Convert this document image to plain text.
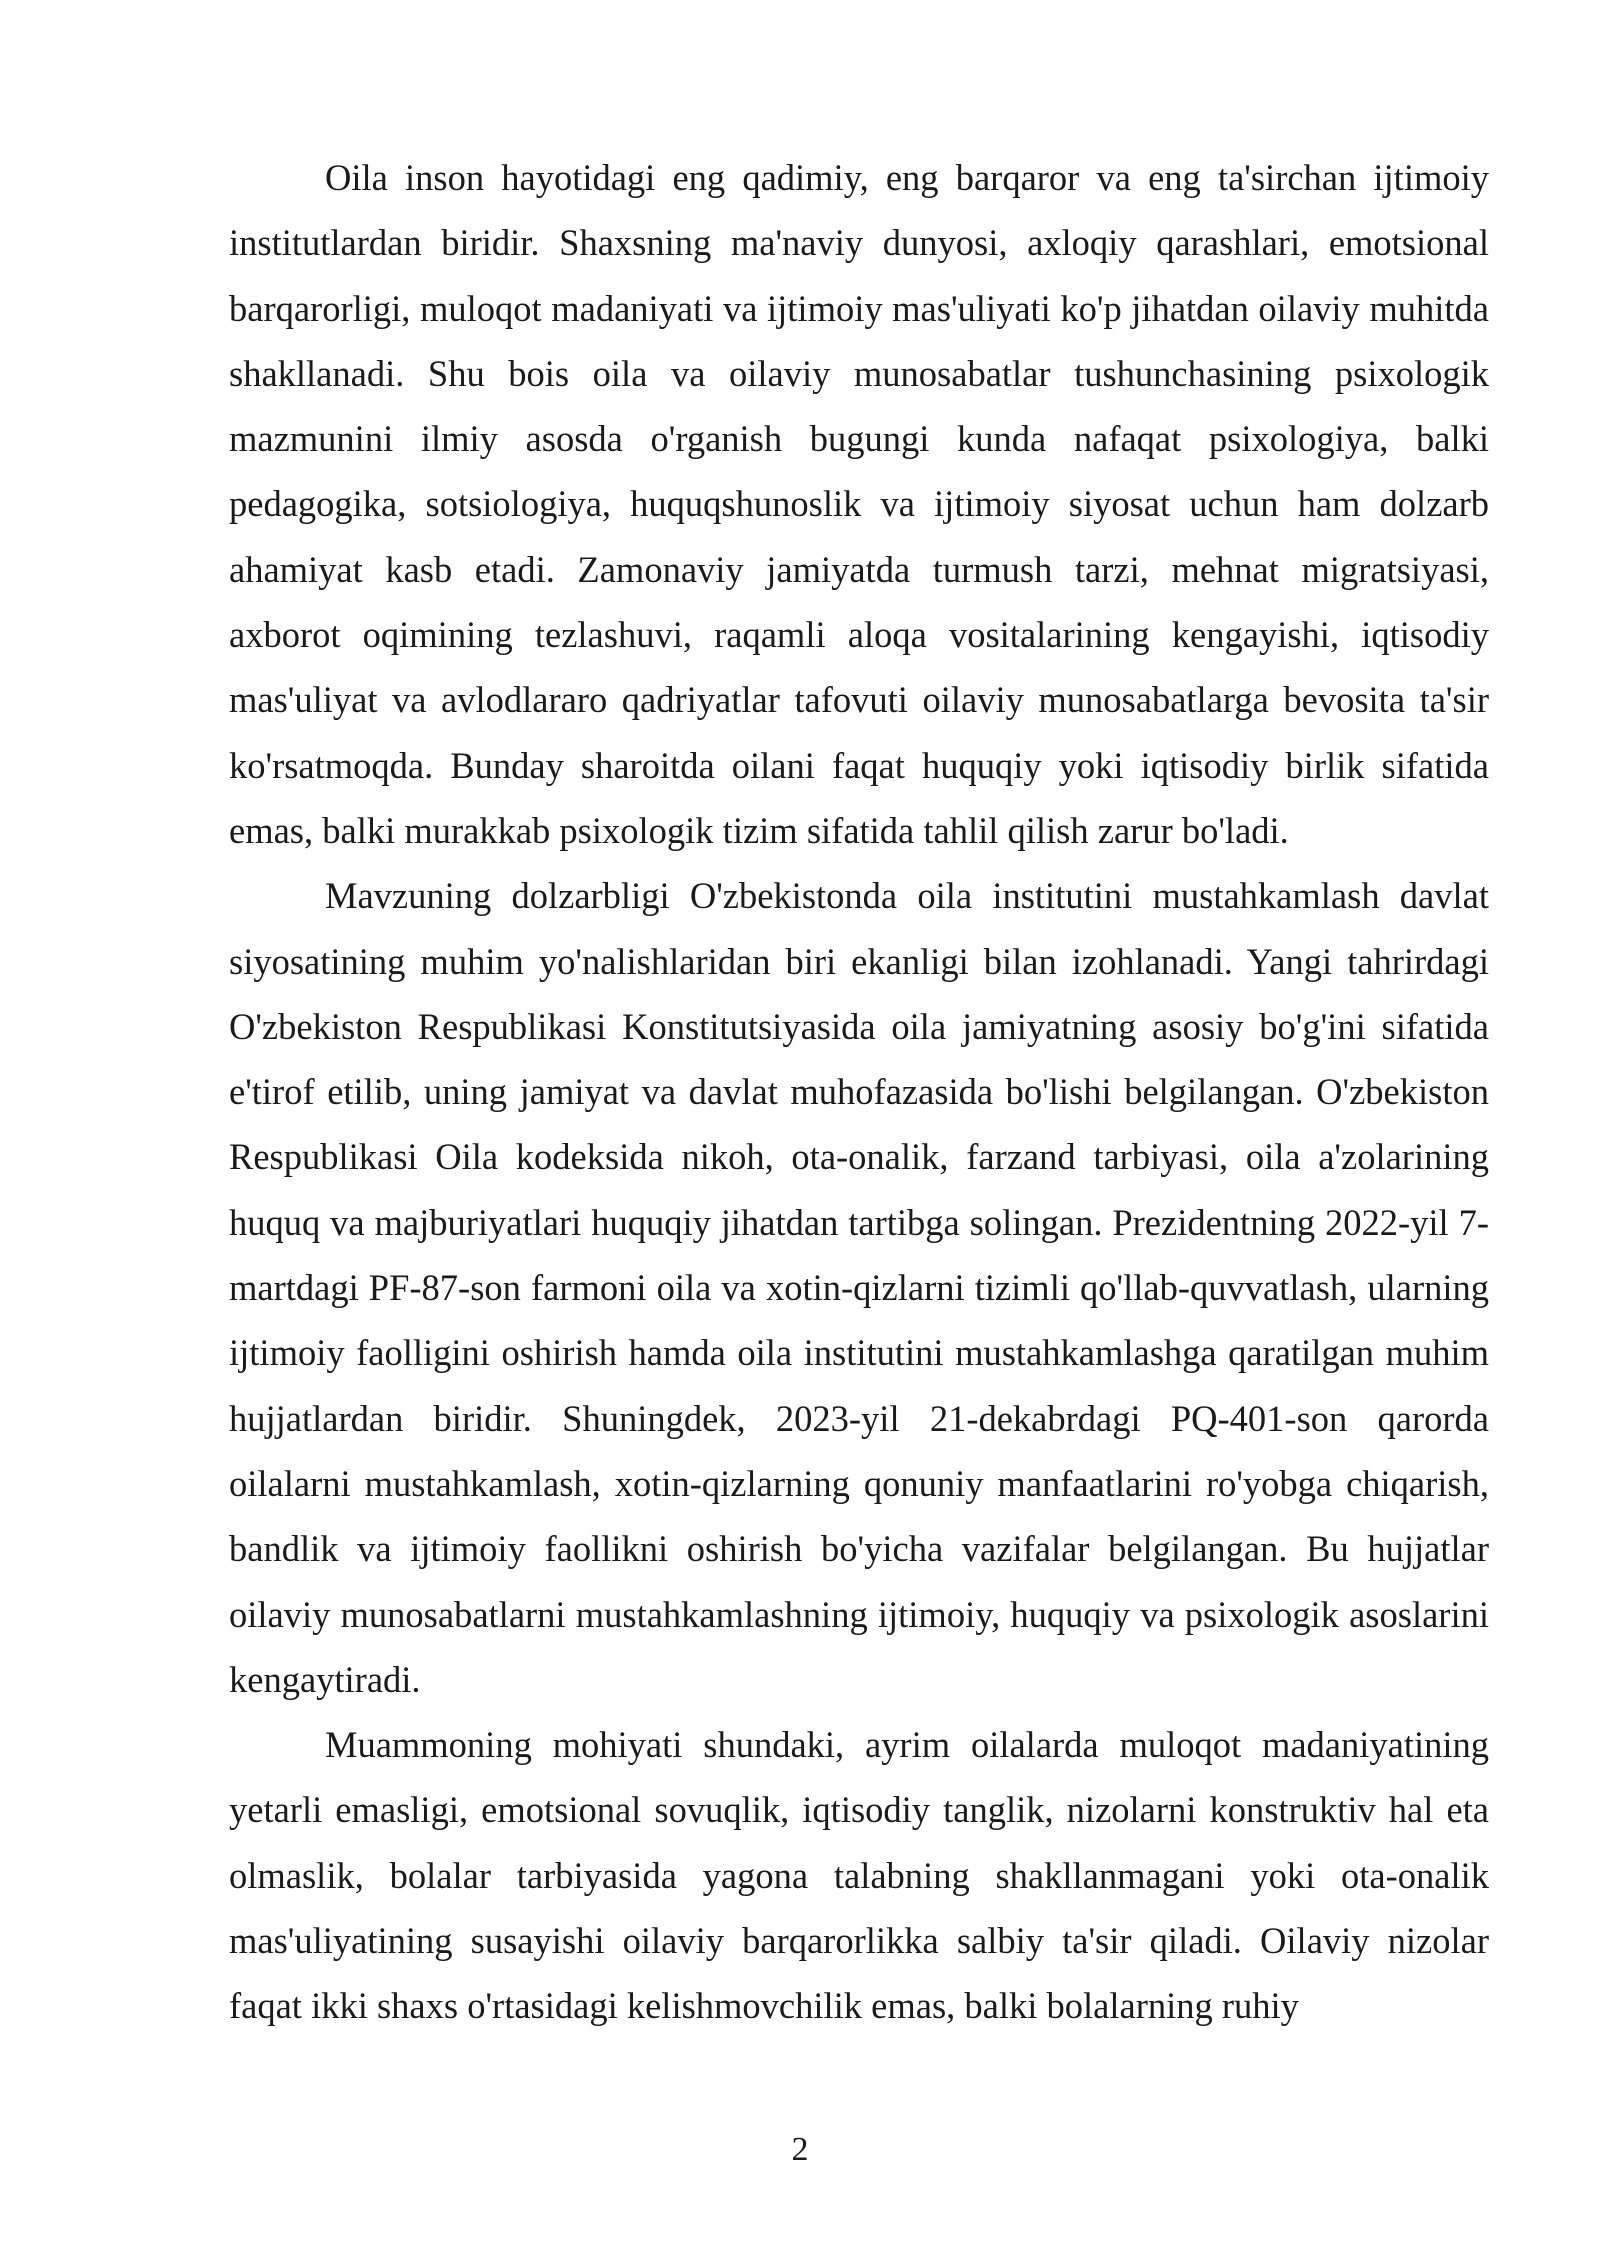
Oila inson hayotidagi eng qadimiy, eng barqaror va eng ta'sirchan ijtimoiy institutlardan biridir. Shaxsning ma'naviy dunyosi, axloqiy qarashlari, emotsional barqarorligi, muloqot madaniyati va ijtimoiy mas'uliyati ko'p jihatdan oilaviy muhitda shakllanadi. Shu bois oila va oilaviy munosabatlar tushunchasining psixologik mazmunini ilmiy asosda o'rganish bugungi kunda nafaqat psixologiya, balki pedagogika, sotsiologiya, huquqshunoslik va ijtimoiy siyosat uchun ham dolzarb ahamiyat kasb etadi. Zamonaviy jamiyatda turmush tarzi, mehnat migratsiyasi, axborot oqimining tezlashuvi, raqamli aloqa vositalarining kengayishi, iqtisodiy mas'uliyat va avlodlararo qadriyatlar tafovuti oilaviy munosabatlarga bevosita ta'sir ko'rsatmoqda. Bunday sharoitda oilani faqat huquqiy yoki iqtisodiy birlik sifatida emas, balki murakkab psixologik tizim sifatida tahlil qilish zarur bo'ladi.

Mavzuning dolzarbligi O'zbekistonda oila institutini mustahkamlash davlat siyosatining muhim yo'nalishlaridan biri ekanligi bilan izohlanadi. Yangi tahrirdagi O'zbekiston Respublikasi Konstitutsiyasida oila jamiyatning asosiy bo'g'ini sifatida e'tirof etilib, uning jamiyat va davlat muhofazasida bo'lishi belgilangan. O'zbekiston Respublikasi Oila kodeksida nikoh, ota-onalik, farzand tarbiyasi, oila a'zolarining huquq va majburiyatlari huquqiy jihatdan tartibga solingan. Prezidentning 2022-yil 7-martdagi PF-87-son farmoni oila va xotin-qizlarni tizimli qo'llab-quvvatlash, ularning ijtimoiy faolligini oshirish hamda oila institutini mustahkamlashga qaratilgan muhim hujjatlardan biridir. Shuningdek, 2023-yil 21-dekabrdagi PQ-401-son qarorda oilalarni mustahkamlash, xotin-qizlarning qonuniy manfaatlarini ro'yobga chiqarish, bandlik va ijtimoiy faollikni oshirish bo'yicha vazifalar belgilangan. Bu hujjatlar oilaviy munosabatlarni mustahkamlashning ijtimoiy, huquqiy va psixologik asoslarini kengaytiradi.

Muammoning mohiyati shundaki, ayrim oilalarda muloqot madaniyatining yetarli emasligi, emotsional sovuqlik, iqtisodiy tanglik, nizolarni konstruktiv hal eta olmaslik, bolalar tarbiyasida yagona talabning shakllanmagani yoki ota-onalik mas'uliyatining susayishi oilaviy barqarorlikka salbiy ta'sir qiladi. Oilaviy nizolar faqat ikki shaxs o'rtasidagi kelishmovchilik emas, balki bolalarning ruhiy

2
